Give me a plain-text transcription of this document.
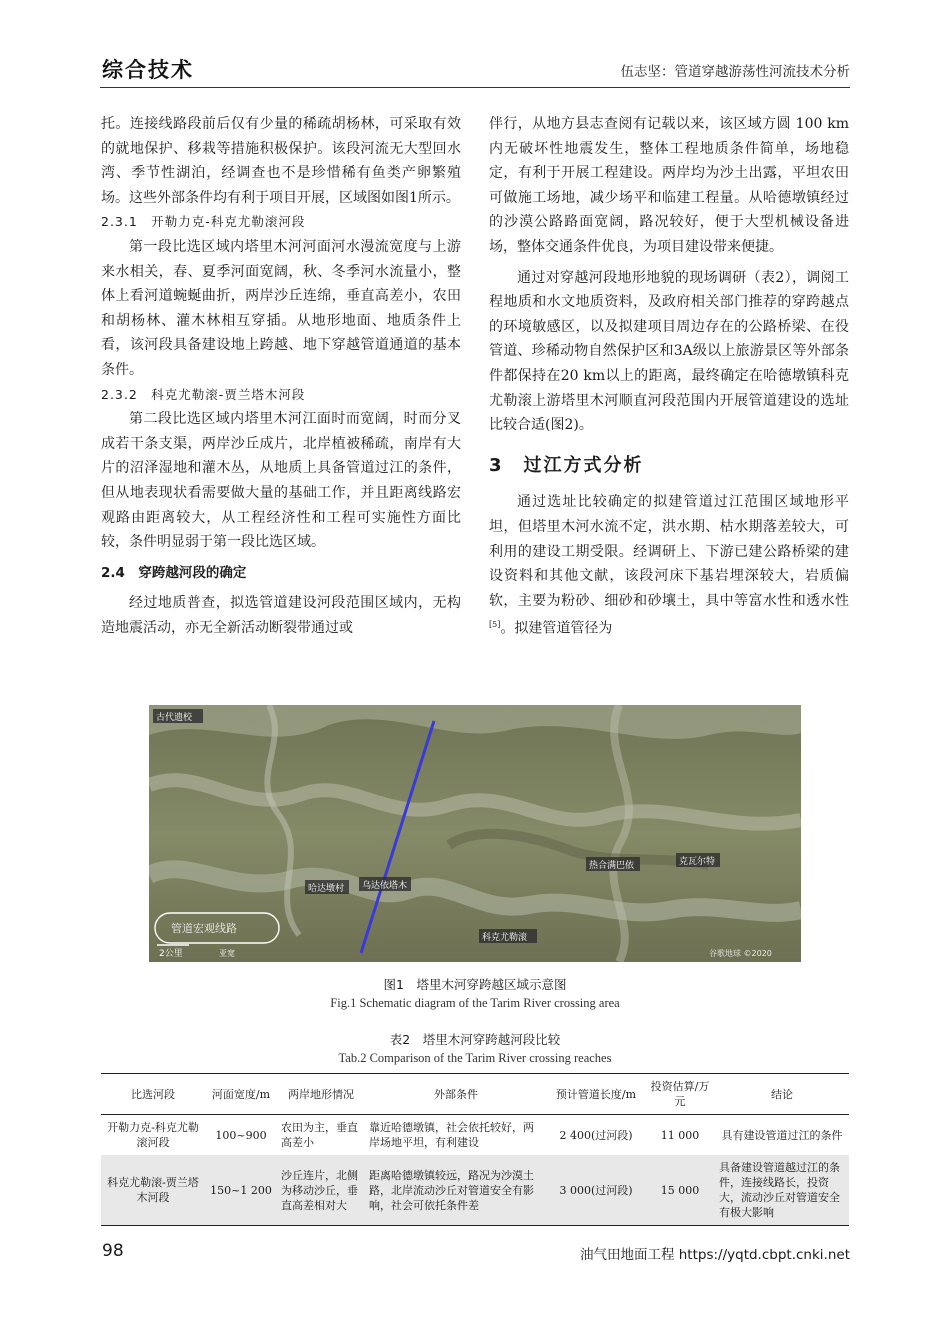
综合技术	伍志坚：管道穿越游荡性河流技术分析

托。连接线路段前后仅有少量的稀疏胡杨林，可采取有效的就地保护、移栽等措施积极保护。该段河流无大型回水湾、季节性湖泊，经调查也不是珍惜稀有鱼类产卵繁殖场。这些外部条件均有利于项目开展，区域图如图1所示。

2.3.1　开勒力克-科克尤勒滚河段

第一段比选区域内塔里木河河面河水漫流宽度与上游来水相关，春、夏季河面宽阔，秋、冬季河水流量小，整体上看河道蜿蜒曲折，两岸沙丘连绵，垂直高差小，农田和胡杨林、灌木林相互穿插。从地形地面、地质条件上看，该河段具备建设地上跨越、地下穿越管道通道的基本条件。

2.3.2　科克尤勒滚-贾兰塔木河段

第二段比选区域内塔里木河江面时而宽阔，时而分叉成若干条支渠，两岸沙丘成片，北岸植被稀疏，南岸有大片的沼泽湿地和灌木丛，从地质上具备管道过江的条件，但从地表现状看需要做大量的基础工作，并且距离线路宏观路由距离较大，从工程经济性和工程可实施性方面比较，条件明显弱于第一段比选区域。

2.4　穿跨越河段的确定

经过地质普查，拟选管道建设河段范围区域内，无构造地震活动，亦无全新活动断裂带通过或

伴行，从地方县志查阅有记载以来，该区域方圆 100 km内无破坏性地震发生，整体工程地质条件简单，场地稳定，有利于开展工程建设。两岸均为沙土出露，平坦农田可做施工场地，减少场平和临建工程量。从哈德墩镇经过的沙漠公路路面宽阔，路况较好，便于大型机械设备进场，整体交通条件优良，为项目建设带来便捷。

通过对穿越河段地形地貌的现场调研（表2），调阅工程地质和水文地质资料，及政府相关部门推荐的穿跨越点的环境敏感区，以及拟建项目周边存在的公路桥梁、在役管道、珍稀动物自然保护区和3A级以上旅游景区等外部条件都保持在20 km以上的距离，最终确定在哈德墩镇科克尤勒滚上游塔里木河顺直河段范围内开展管道建设的选址比较合适(图2)。

3　过江方式分析

通过选址比较确定的拟建管道过江范围区域地形平坦，但塔里木河水流不定，洪水期、枯水期落差较大，可利用的建设工期受限。经调研上、下游已建公路桥梁的建设资料和其他文献，该段河床下基岩埋深较大，岩质偏软，主要为粉砂、细砂和砂壤土，具中等富水性和透水性[5]。拟建管道管径为

古代遗校
哈达墩村 乌达依塔木
热合满巴依	克瓦尔特
科克尤勒滚
管道宏观线路
2公里	亚宽	谷歌地球 ©2020
图1　塔里木河穿跨越区域示意图
Fig.1 Schematic diagram of the Tarim River crossing area
表2　塔里木河穿跨越河段比较
Tab.2 Comparison of the Tarim River crossing reaches
比选河段	河面宽度/m	两岸地形情况	外部条件	预计管道长度/m	投资估算/万元	结论
开勒力克-科克尤勒滚河段	100~900	农田为主，垂直高差小	靠近哈德墩镇，社会依托较好，两岸场地平坦，有利建设	2 400(过河段)	11 000	具有建设管道过江的条件
科克尤勒滚-贾兰塔木河段	150~1 200	沙丘连片，北侧为移动沙丘，垂直高差相对大	距离哈德墩镇较远，路况为沙漠土路，北岸流动沙丘对管道安全有影响，社会可依托条件差	3 000(过河段)	15 000	具备建设管道越过江的条件，连接线路长，投资大，流动沙丘对管道安全有极大影响
98	油气田地面工程 https://yqtd.cbpt.cnki.net
